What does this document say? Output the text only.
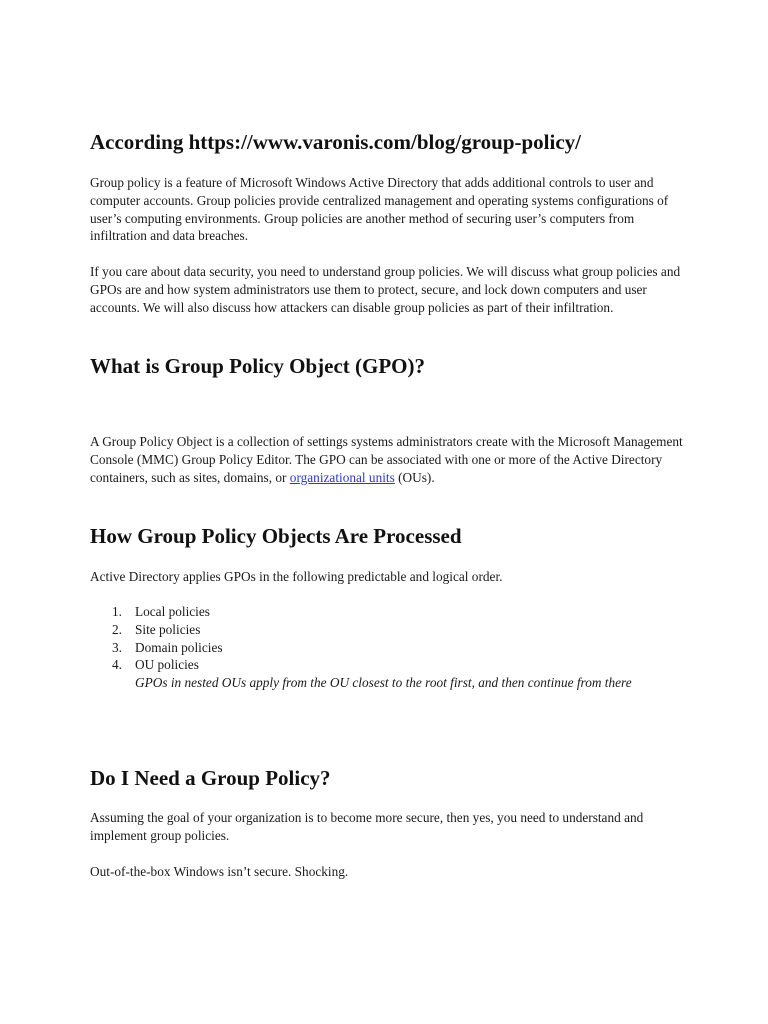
According https://www.varonis.com/blog/group-policy/

Group policy is a feature of Microsoft Windows Active Directory that adds additional controls to user and computer accounts. Group policies provide centralized management and operating systems configurations of user’s computing environments. Group policies are another method of securing user’s computers from infiltration and data breaches.

If you care about data security, you need to understand group policies. We will discuss what group policies and GPOs are and how system administrators use them to protect, secure, and lock down computers and user accounts. We will also discuss how attackers can disable group policies as part of their infiltration.

What is Group Policy Object (GPO)?

A Group Policy Object is a collection of settings systems administrators create with the Microsoft Management Console (MMC) Group Policy Editor. The GPO can be associated with one or more of the Active Directory containers, such as sites, domains, or organizational units (OUs).

How Group Policy Objects Are Processed

Active Directory applies GPOs in the following predictable and logical order.

1. Local policies
2. Site policies
3. Domain policies
4. OU policies
GPOs in nested OUs apply from the OU closest to the root first, and then continue from there
Do I Need a Group Policy?

Assuming the goal of your organization is to become more secure, then yes, you need to understand and implement group policies.

Out-of-the-box Windows isn’t secure. Shocking.
